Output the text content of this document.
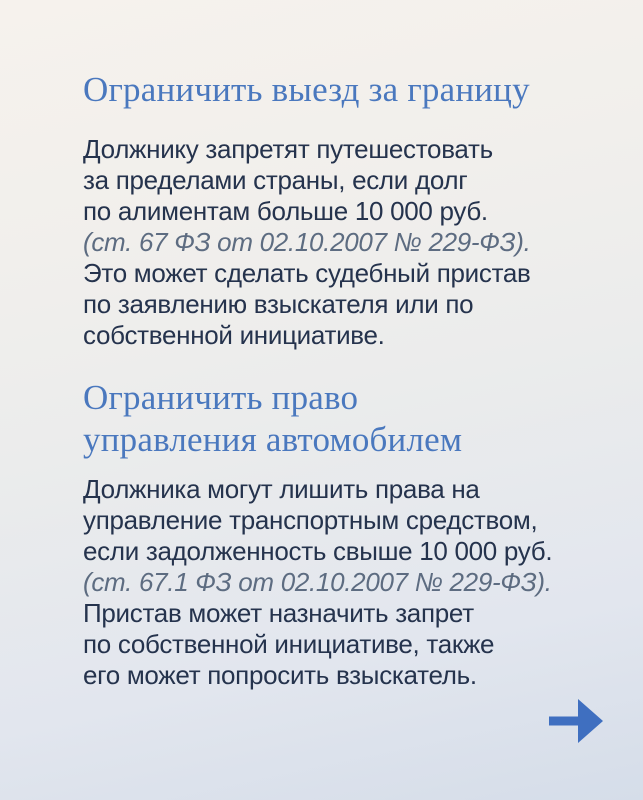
Ограничить выезд за границу
Должнику запретят путешестовать
за пределами страны, если долг
по алиментам больше 10 000 руб.
(ст. 67 ФЗ от 02.10.2007 № 229-ФЗ).
Это может сделать судебный пристав
по заявлению взыскателя или по
собственной инициативе.
Ограничить право
управления автомобилем
Должника могут лишить права на
управление транспортным средством,
если задолженность свыше 10 000 руб.
(ст. 67.1 ФЗ от 02.10.2007 № 229-ФЗ).
Пристав может назначить запрет
по собственной инициативе, также
его может попросить взыскатель.
